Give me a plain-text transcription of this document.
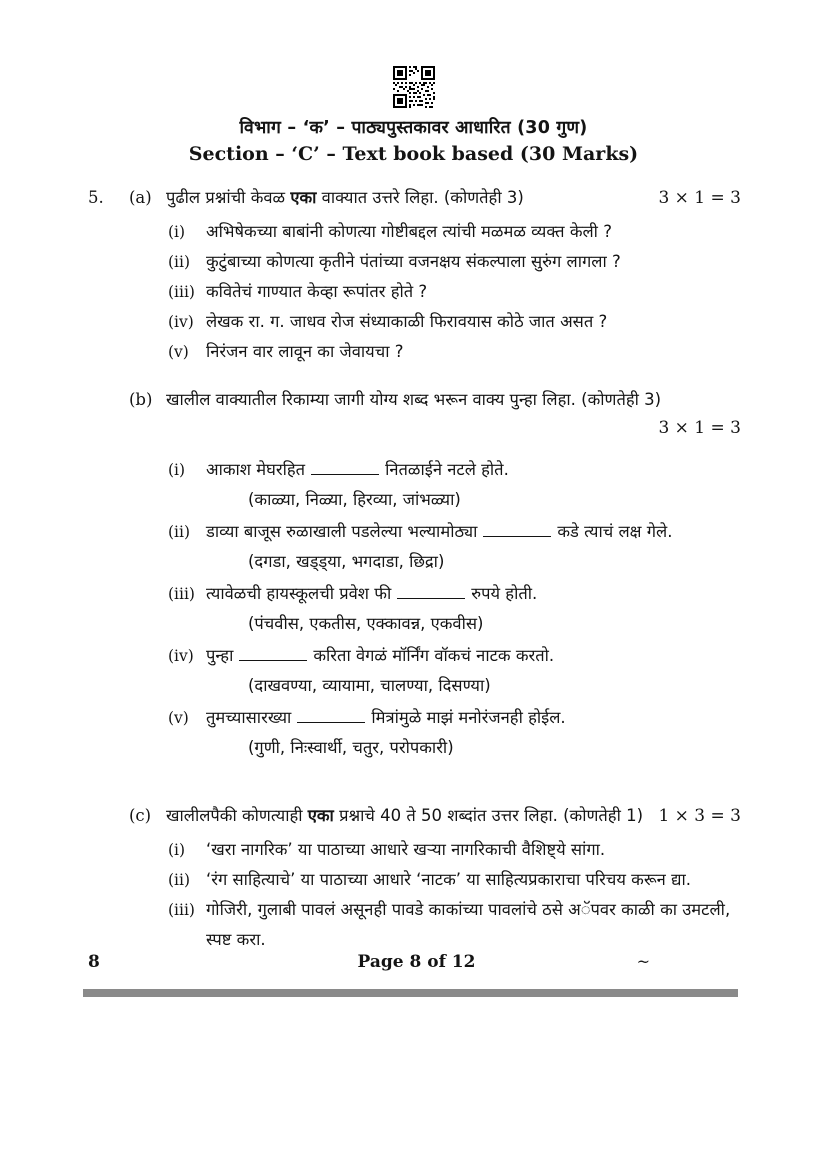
विभाग – ‘क’ – पाठ्यपुस्तकावर आधारित (30 गुण)
Section – ‘C’ – Text book based (30 Marks)
5.	(a) पुढील प्रश्नांची केवळ एका वाक्यात उत्तरे लिहा. (कोणतेही 3)	3 × 1 = 3
(i)	अभिषेकच्या बाबांनी कोणत्या गोष्टीबद्दल त्यांची मळमळ व्यक्त केली ?
(ii) कुटुंबाच्या कोणत्या कृतीने पंतांच्या वजनक्षय संकल्पाला सुरुंग लागला ?
(iii) कवितेचं गाण्यात केव्हा रूपांतर होते ?
(iv) लेखक रा. ग. जाधव रोज संध्याकाळी फिरावयास कोठे जात असत ?
(v)	निरंजन वार लावून का जेवायचा ?
(b) खालील वाक्यातील रिकाम्या जागी योग्य शब्द भरून वाक्य पुन्हा लिहा. (कोणतेही 3)
3 × 1 = 3
(i)	आकाश मेघरहित	नितळाईने नटले होते.
(काळ्या, निळ्या, हिरव्या, जांभळ्या)
(ii) डाव्या बाजूस रुळाखाली पडलेल्या भल्यामोठ्या	कडे त्याचं लक्ष गेले.
(दगडा, खड्ड्या, भगदाडा, छिद्रा)
(iii) त्यावेळची हायस्कूलची प्रवेश फी	रुपये होती.
(पंचवीस, एकतीस, एक्कावन्न, एकवीस)
(iv) पुन्हा	करिता वेगळं मॉर्निंग वॉकचं नाटक करतो.
(दाखवण्या, व्यायामा, चालण्या, दिसण्या)
(v)	तुमच्यासारख्या	मित्रांमुळे माझं मनोरंजनही होईल.
(गुणी, निःस्वार्थी, चतुर, परोपकारी)
(c) खालीलपैकी कोणत्याही एका प्रश्नाचे 40 ते 50 शब्दांत उत्तर लिहा. (कोणतेही 1) 1 × 3 = 3
(i)	‘खरा नागरिक’ या पाठाच्या आधारे खऱ्या नागरिकाची वैशिष्ट्ये सांगा.
(ii) ‘रंग साहित्याचे’ या पाठाच्या आधारे ‘नाटक’ या साहित्यप्रकाराचा परिचय करून द्या.
(iii) गोजिरी, गुलाबी पावलं असूनही पावडे काकांच्या पावलांचे ठसे अॅपवर काळी का उमटली, स्पष्ट करा.
8	Page 8 of 12	~
